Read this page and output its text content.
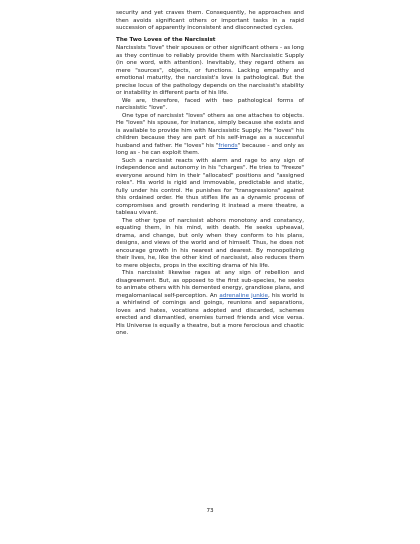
security and yet craves them. Consequently, he approaches and then avoids significant others or important tasks in a rapid succession of apparently inconsistent and disconnected cycles.

The Two Loves of the Narcissist

Narcissists "love" their spouses or other significant others - as long as they continue to reliably provide them with Narcissistic Supply (in one word, with attention). Inevitably, they regard others as mere "sources", objects, or functions. Lacking empathy and emotional maturity, the narcissist's love is pathological. But the precise locus of the pathology depends on the narcissist's stability or instability in different parts of his life.

We are, therefore, faced with two pathological forms of narcissistic "love".

One type of narcissist "loves" others as one attaches to objects. He "loves" his spouse, for instance, simply because she exists and is available to provide him with Narcissistic Supply. He "loves" his children because they are part of his self-image as a successful husband and father. He "loves" his "friends" because - and only as long as - he can exploit them.

Such a narcissist reacts with alarm and rage to any sign of independence and autonomy in his "charges". He tries to "freeze" everyone around him in their "allocated" positions and "assigned roles". His world is rigid and immovable, predictable and static, fully under his control. He punishes for "transgressions" against this ordained order. He thus stifles life as a dynamic process of compromises and growth rendering it instead a mere theatre, a tableau vivant.

The other type of narcissist abhors monotony and constancy, equating them, in his mind, with death. He seeks upheaval, drama, and change, but only when they conform to his plans, designs, and views of the world and of himself. Thus, he does not encourage growth in his nearest and dearest. By monopolizing their lives, he, like the other kind of narcissist, also reduces them to mere objects, props in the exciting drama of his life.

This narcissist likewise rages at any sign of rebellion and disagreement. But, as opposed to the first sub-species, he seeks to animate others with his demented energy, grandiose plans, and megalomaniacal self-perception. An adrenaline junkie, his world is a whirlwind of comings and goings, reunions and separations, loves and hates, vocations adopted and discarded, schemes erected and dismantled, enemies turned friends and vice versa. His Universe is equally a theatre, but a more ferocious and chaotic one.

73
